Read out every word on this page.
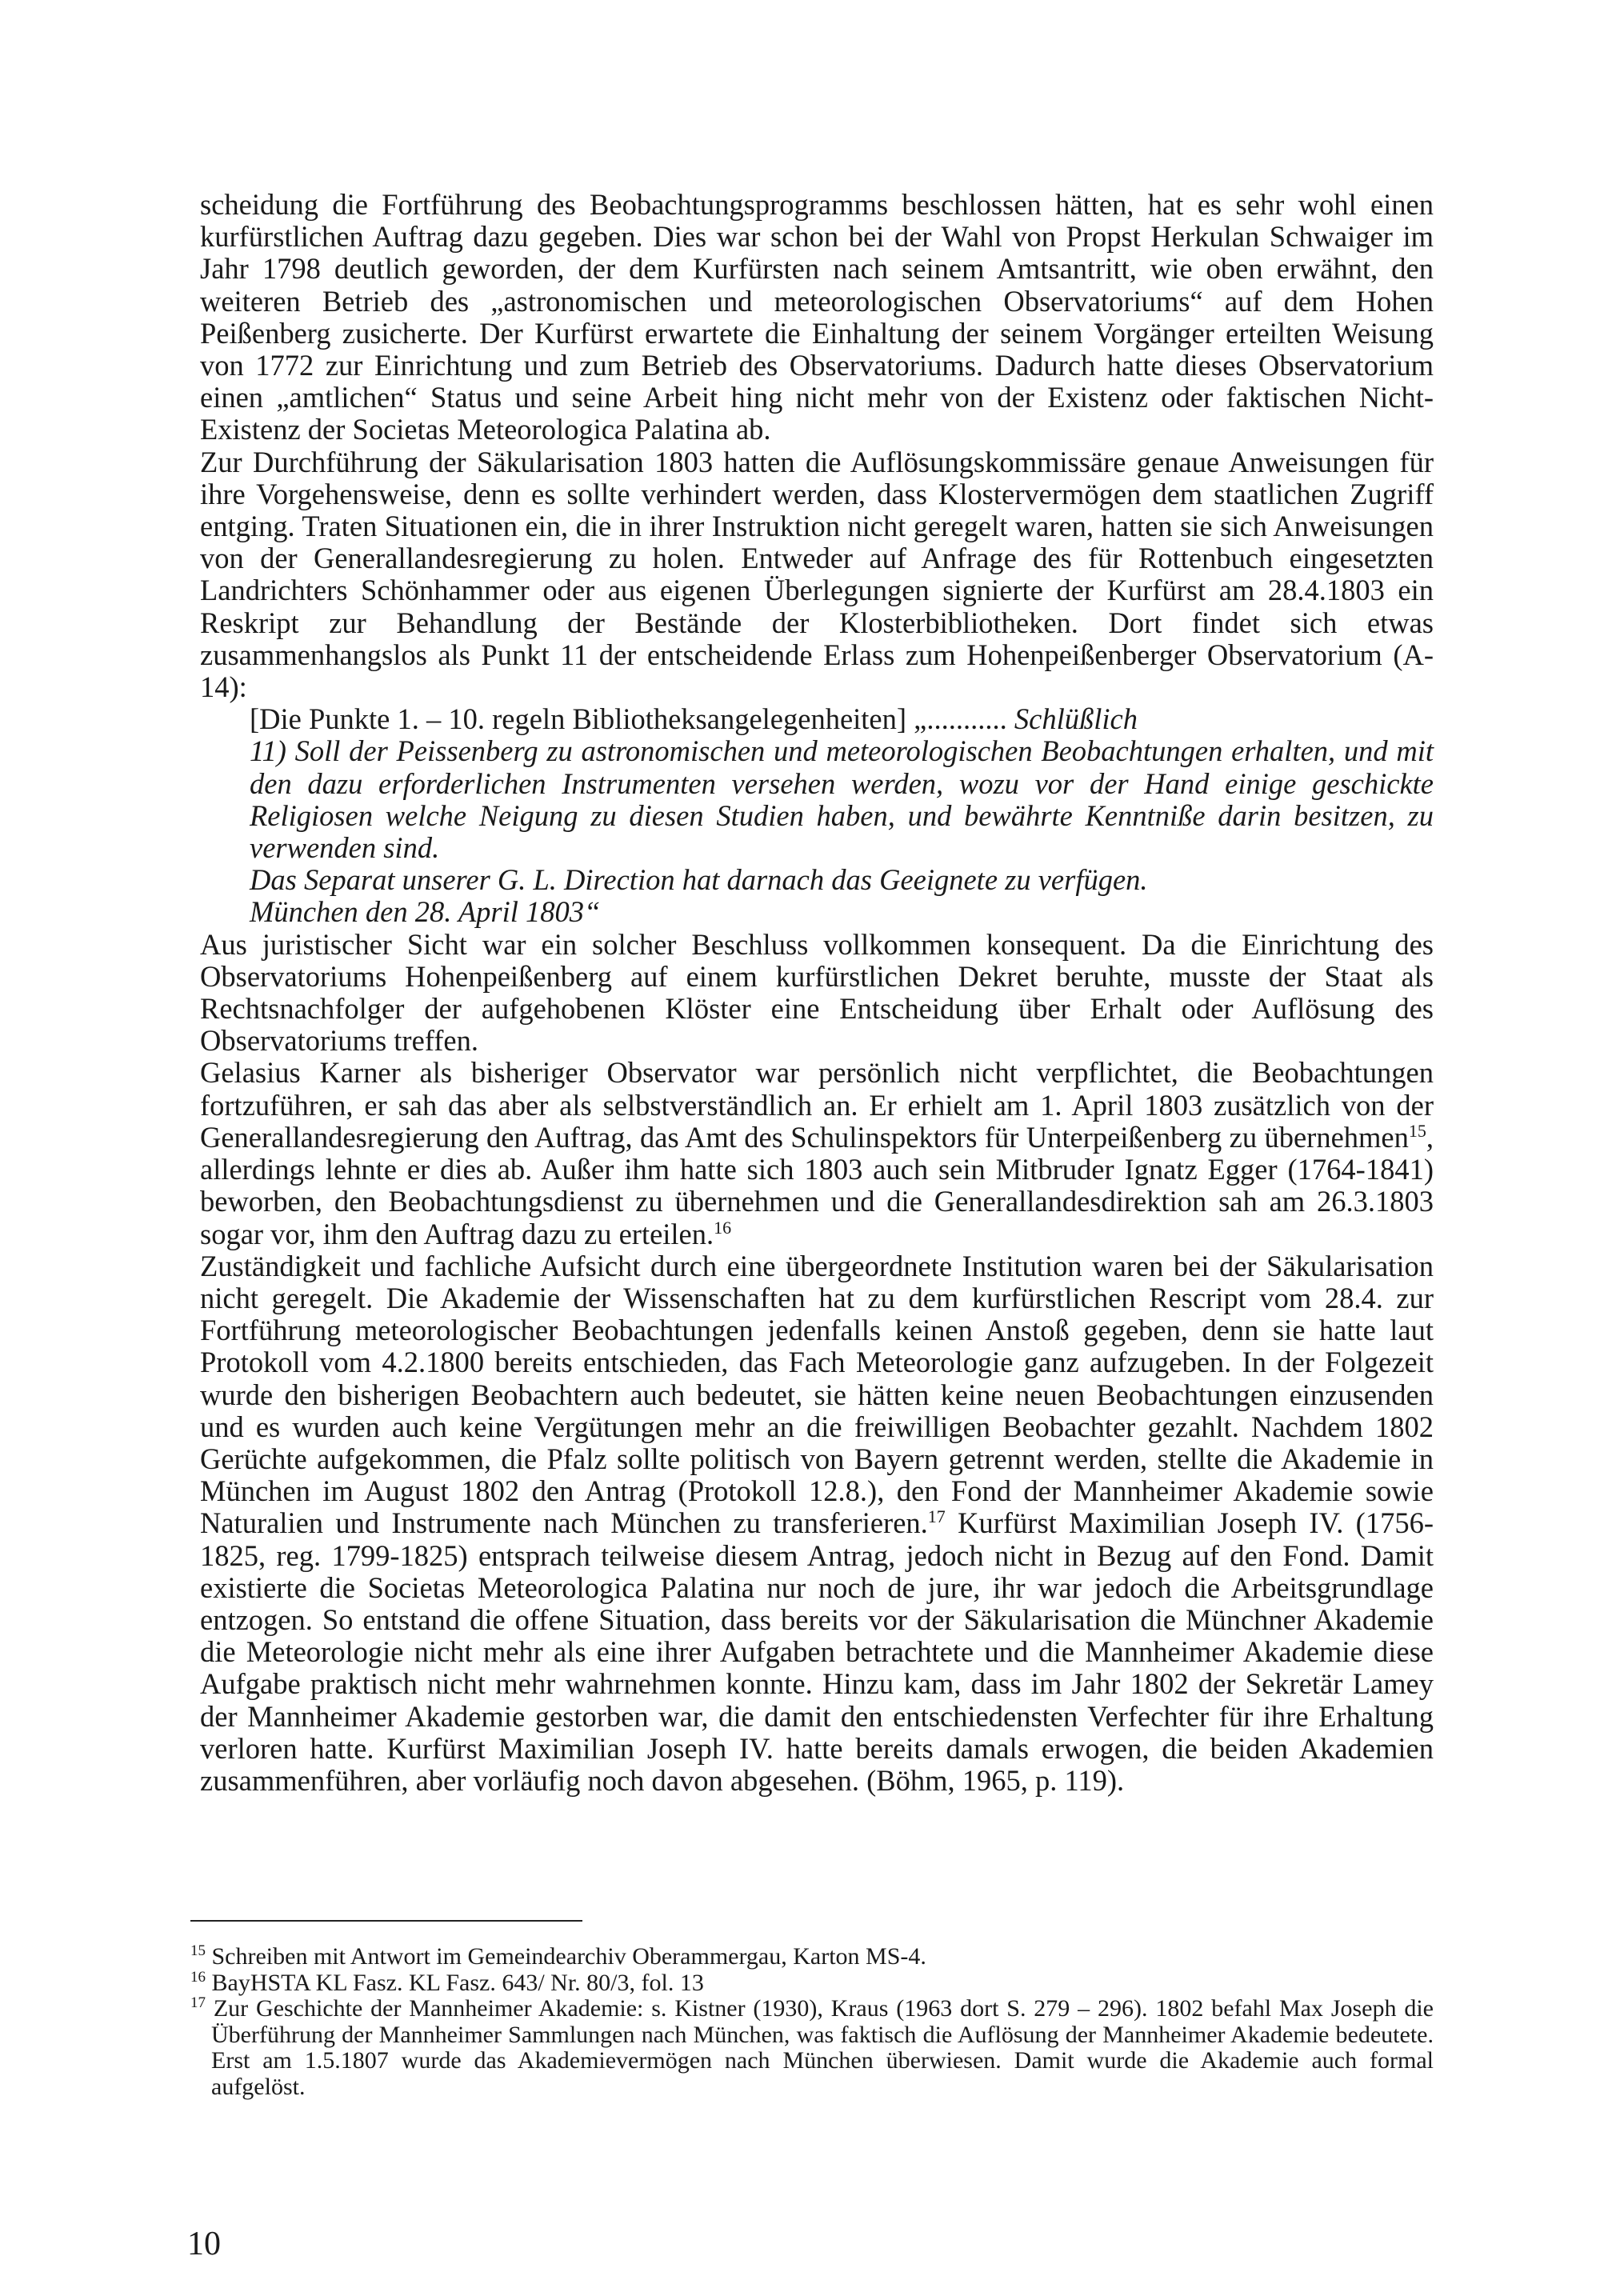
scheidung die Fortführung des Beobachtungsprogramms beschlossen hätten, hat es sehr wohl einen kurfürstlichen Auftrag dazu gegeben. Dies war schon bei der Wahl von Propst Herkulan Schwaiger im Jahr 1798 deutlich geworden, der dem Kurfürsten nach seinem Amtsantritt, wie oben erwähnt, den weiteren Betrieb des „astronomischen und meteorologischen Observatoriums“ auf dem Hohen Peißenberg zusicherte. Der Kurfürst erwartete die Einhaltung der seinem Vorgänger erteilten Weisung von 1772 zur Einrichtung und zum Betrieb des Observatoriums. Dadurch hatte dieses Observatorium einen „amtlichen“ Status und seine Arbeit hing nicht mehr von der Existenz oder faktischen Nicht-Existenz der Societas Meteorologica Palatina ab.

Zur Durchführung der Säkularisation 1803 hatten die Auflösungskommissäre genaue Anweisungen für ihre Vorgehensweise, denn es sollte verhindert werden, dass Klostervermögen dem staatlichen Zugriff entging. Traten Situationen ein, die in ihrer Instruktion nicht geregelt waren, hatten sie sich Anweisungen von der Generallandesregierung zu holen. Entweder auf Anfrage des für Rottenbuch eingesetzten Landrichters Schönhammer oder aus eigenen Überlegungen signierte der Kurfürst am 28.4.1803 ein Reskript zur Behandlung der Bestände der Klosterbibliotheken. Dort findet sich etwas zusammenhangslos als Punkt 11 der entscheidende Erlass zum Hohenpeißenberger Observatorium (A-14):

[Die Punkte 1. – 10. regeln Bibliotheksangelegenheiten] „........... Schlüßlich

11) Soll der Peissenberg zu astronomischen und meteorologischen Beobachtungen erhalten, und mit den dazu erforderlichen Instrumenten versehen werden, wozu vor der Hand einige geschickte Religiosen welche Neigung zu diesen Studien haben, und bewährte Kenntniße darin besitzen, zu verwenden sind.

Das Separat unserer G. L. Direction hat darnach das Geeignete zu verfügen.

München den 28. April 1803“

Aus juristischer Sicht war ein solcher Beschluss vollkommen konsequent. Da die Einrichtung des Observatoriums Hohenpeißenberg auf einem kurfürstlichen Dekret beruhte, musste der Staat als Rechtsnachfolger der aufgehobenen Klöster eine Entscheidung über Erhalt oder Auflösung des Observatoriums treffen.

Gelasius Karner als bisheriger Observator war persönlich nicht verpflichtet, die Beobachtungen fortzuführen, er sah das aber als selbstverständlich an. Er erhielt am 1. April 1803 zusätzlich von der Generallandesregierung den Auftrag, das Amt des Schulinspektors für Unterpeißenberg zu übernehmen$^{15}$, allerdings lehnte er dies ab. Außer ihm hatte sich 1803 auch sein Mitbruder Ignatz Egger (1764-1841) beworben, den Beobachtungsdienst zu übernehmen und die Generallandesdirektion sah am 26.3.1803 sogar vor, ihm den Auftrag dazu zu erteilen.$^{16}$

Zuständigkeit und fachliche Aufsicht durch eine übergeordnete Institution waren bei der Säkularisation nicht geregelt. Die Akademie der Wissenschaften hat zu dem kurfürstlichen Rescript vom 28.4. zur Fortführung meteorologischer Beobachtungen jedenfalls keinen Anstoß gegeben, denn sie hatte laut Protokoll vom 4.2.1800 bereits entschieden, das Fach Meteorologie ganz aufzugeben. In der Folgezeit wurde den bisherigen Beobachtern auch bedeutet, sie hätten keine neuen Beobachtungen einzusenden und es wurden auch keine Vergütungen mehr an die freiwilligen Beobachter gezahlt. Nachdem 1802 Gerüchte aufgekommen, die Pfalz sollte politisch von Bayern getrennt werden, stellte die Akademie in München im August 1802 den Antrag (Protokoll 12.8.), den Fond der Mannheimer Akademie sowie Naturalien und Instrumente nach München zu transferieren.$^{17}$ Kurfürst Maximilian Joseph IV. (1756-1825, reg. 1799-1825) entsprach teilweise diesem Antrag, jedoch nicht in Bezug auf den Fond. Damit existierte die Societas Meteorologica Palatina nur noch de jure, ihr war jedoch die Arbeitsgrundlage entzogen. So entstand die offene Situation, dass bereits vor der Säkularisation die Münchner Akademie die Meteorologie nicht mehr als eine ihrer Aufgaben betrachtete und die Mannheimer Akademie diese Aufgabe praktisch nicht mehr wahrnehmen konnte. Hinzu kam, dass im Jahr 1802 der Sekretär Lamey der Mannheimer Akademie gestorben war, die damit den entschiedensten Verfechter für ihre Erhaltung verloren hatte. Kurfürst Maximilian Joseph IV. hatte bereits damals erwogen, die beiden Akademien zusammenführen, aber vorläufig noch davon abgesehen. (Böhm, 1965, p. 119).

$^{15}$ Schreiben mit Antwort im Gemeindearchiv Oberammergau, Karton MS-4.

$^{16}$ BayHSTA KL Fasz. KL Fasz. 643/ Nr. 80/3, fol. 13

$^{17}$ Zur Geschichte der Mannheimer Akademie: s. Kistner (1930), Kraus (1963 dort S. 279 – 296). 1802 befahl Max Joseph die Überführung der Mannheimer Sammlungen nach München, was faktisch die Auflösung der Mannheimer Akademie bedeutete. Erst am 1.5.1807 wurde das Akademievermögen nach München überwiesen. Damit wurde die Akademie auch formal aufgelöst.

10
